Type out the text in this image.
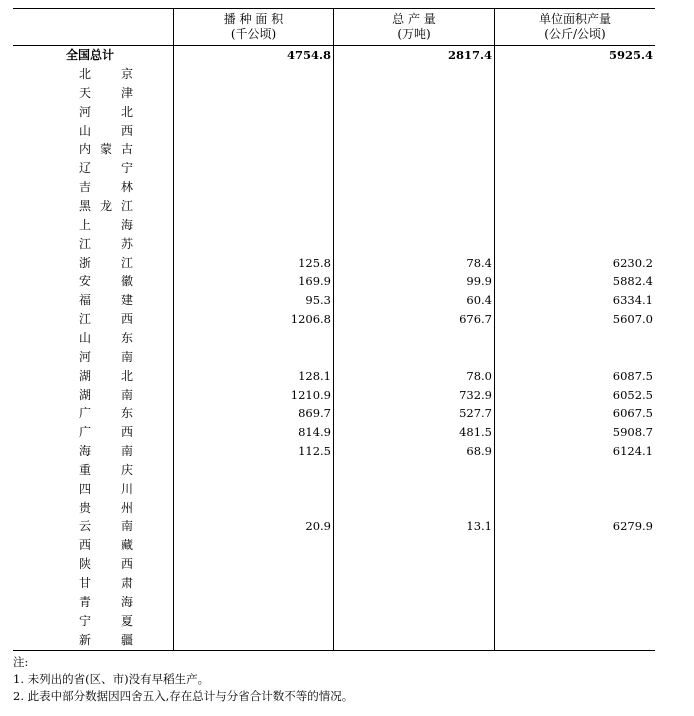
播 种 面 积
(千公顷)
总 产 量
(万吨)
单位面积产量
(公斤/公顷)
全国总计	4754.8	2817.4	5925.4
北 京
天 津
河 北
山 西
内 蒙 古
辽 宁
吉 林
黑 龙 江
上 海
江 苏
浙 江	125.8	78.4	6230.2
安 徽	169.9	99.9	5882.4
福 建	95.3	60.4	6334.1
江 西	1206.8	676.7	5607.0
山 东
河 南
湖 北	128.1	78.0	6087.5
湖 南	1210.9	732.9	6052.5
广 东	869.7	527.7	6067.5
广 西	814.9	481.5	5908.7
海 南	112.5	68.9	6124.1
重 庆
四 川
贵 州
云 南	20.9	13.1	6279.9
西 藏
陕 西
甘 肃
青 海
宁 夏
新 疆
注:
1. 未列出的省(区、市)没有早稻生产。
2. 此表中部分数据因四舍五入,存在总计与分省合计数不等的情况。
